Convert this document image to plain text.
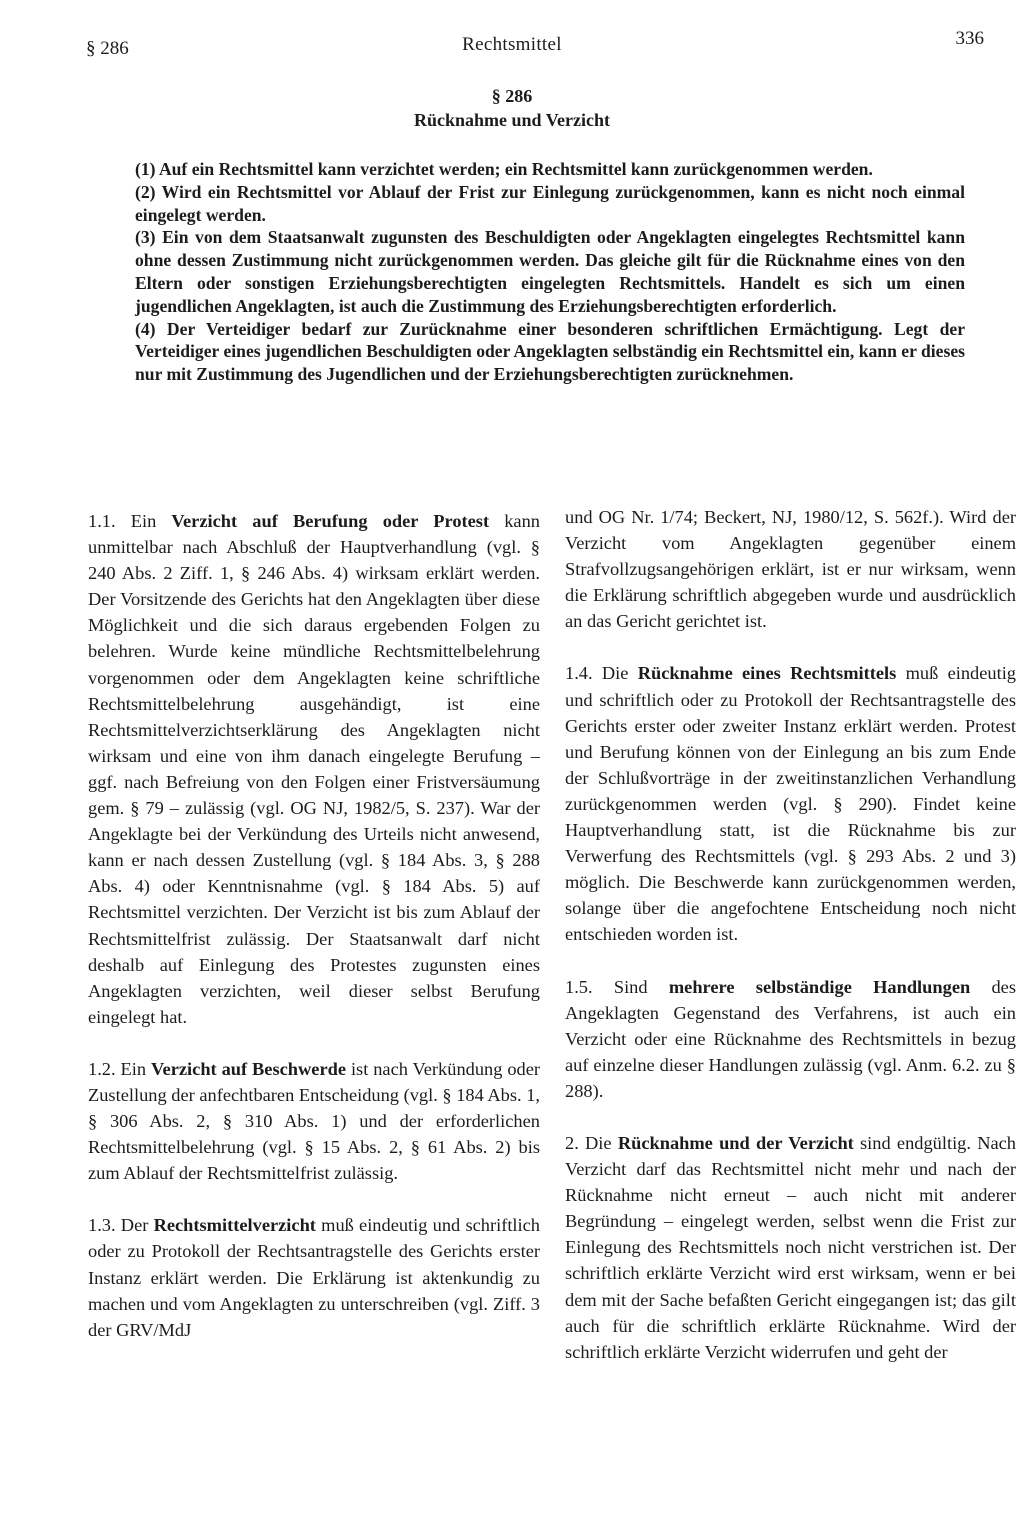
§ 286	Rechtsmittel	336
§ 286
Rücknahme und Verzicht

(1) Auf ein Rechtsmittel kann verzichtet werden; ein Rechtsmittel kann zurückgenommen werden.

(2) Wird ein Rechtsmittel vor Ablauf der Frist zur Einlegung zurückgenommen, kann es nicht noch einmal eingelegt werden.

(3) Ein von dem Staatsanwalt zugunsten des Beschuldigten oder Angeklagten eingelegtes Rechtsmittel kann ohne dessen Zustimmung nicht zurückgenommen werden. Das gleiche gilt für die Rücknahme eines von den Eltern oder sonstigen Erziehungsberechtigten eingelegten Rechtsmittels. Handelt es sich um einen jugendlichen Angeklagten, ist auch die Zustimmung des Erziehungsberechtigten erforderlich.

(4) Der Verteidiger bedarf zur Zurücknahme einer besonderen schriftlichen Ermächtigung. Legt der Verteidiger eines jugendlichen Beschuldigten oder Angeklagten selbständig ein Rechtsmittel ein, kann er dieses nur mit Zustimmung des Jugendlichen und der Erziehungsberechtigten zurücknehmen.

1.1. Ein Verzicht auf Berufung oder Protest kann unmittelbar nach Abschluß der Hauptverhandlung (vgl. § 240 Abs. 2 Ziff. 1, § 246 Abs. 4) wirksam erklärt werden. Der Vorsitzende des Gerichts hat den Angeklagten über diese Möglichkeit und die sich daraus ergebenden Folgen zu belehren. Wurde keine mündliche Rechtsmittelbelehrung vorgenommen oder dem Angeklagten keine schriftliche Rechtsmittelbelehrung ausgehändigt, ist eine Rechtsmittelverzichtserklärung des Angeklagten nicht wirksam und eine von ihm danach eingelegte Berufung – ggf. nach Befreiung von den Folgen einer Fristversäumung gem. § 79 – zulässig (vgl. OG NJ, 1982/5, S. 237). War der Angeklagte bei der Verkündung des Urteils nicht anwesend, kann er nach dessen Zustellung (vgl. § 184 Abs. 3, § 288 Abs. 4) oder Kenntnisnahme (vgl. § 184 Abs. 5) auf Rechtsmittel verzichten. Der Verzicht ist bis zum Ablauf der Rechtsmittelfrist zulässig. Der Staatsanwalt darf nicht deshalb auf Einlegung des Protestes zugunsten eines Angeklagten verzichten, weil dieser selbst Berufung eingelegt hat.

1.2. Ein Verzicht auf Beschwerde ist nach Verkündung oder Zustellung der anfechtbaren Entscheidung (vgl. § 184 Abs. 1, § 306 Abs. 2, § 310 Abs. 1) und der erforderlichen Rechtsmittelbelehrung (vgl. § 15 Abs. 2, § 61 Abs. 2) bis zum Ablauf der Rechtsmittelfrist zulässig.

1.3. Der Rechtsmittelverzicht muß eindeutig und schriftlich oder zu Protokoll der Rechtsantragstelle des Gerichts erster Instanz erklärt werden. Die Erklärung ist aktenkundig zu machen und vom Angeklagten zu unterschreiben (vgl. Ziff. 3 der GRV/MdJ

und OG Nr. 1/74; Beckert, NJ, 1980/12, S. 562f.). Wird der Verzicht vom Angeklagten gegenüber einem Strafvollzugsangehörigen erklärt, ist er nur wirksam, wenn die Erklärung schriftlich abgegeben wurde und ausdrücklich an das Gericht gerichtet ist.

1.4. Die Rücknahme eines Rechtsmittels muß eindeutig und schriftlich oder zu Protokoll der Rechtsantragstelle des Gerichts erster oder zweiter Instanz erklärt werden. Protest und Berufung können von der Einlegung an bis zum Ende der Schlußvorträge in der zweitinstanzlichen Verhandlung zurückgenommen werden (vgl. § 290). Findet keine Hauptverhandlung statt, ist die Rücknahme bis zur Verwerfung des Rechtsmittels (vgl. § 293 Abs. 2 und 3) möglich. Die Beschwerde kann zurückgenommen werden, solange über die angefochtene Entscheidung noch nicht entschieden worden ist.

1.5. Sind mehrere selbständige Handlungen des Angeklagten Gegenstand des Verfahrens, ist auch ein Verzicht oder eine Rücknahme des Rechtsmittels in bezug auf einzelne dieser Handlungen zulässig (vgl. Anm. 6.2. zu § 288).

2. Die Rücknahme und der Verzicht sind endgültig. Nach Verzicht darf das Rechtsmittel nicht mehr und nach der Rücknahme nicht erneut – auch nicht mit anderer Begründung – eingelegt werden, selbst wenn die Frist zur Einlegung des Rechtsmittels noch nicht verstrichen ist. Der schriftlich erklärte Verzicht wird erst wirksam, wenn er bei dem mit der Sache befaßten Gericht eingegangen ist; das gilt auch für die schriftlich erklärte Rücknahme. Wird der schriftlich erklärte Verzicht widerrufen und geht der
